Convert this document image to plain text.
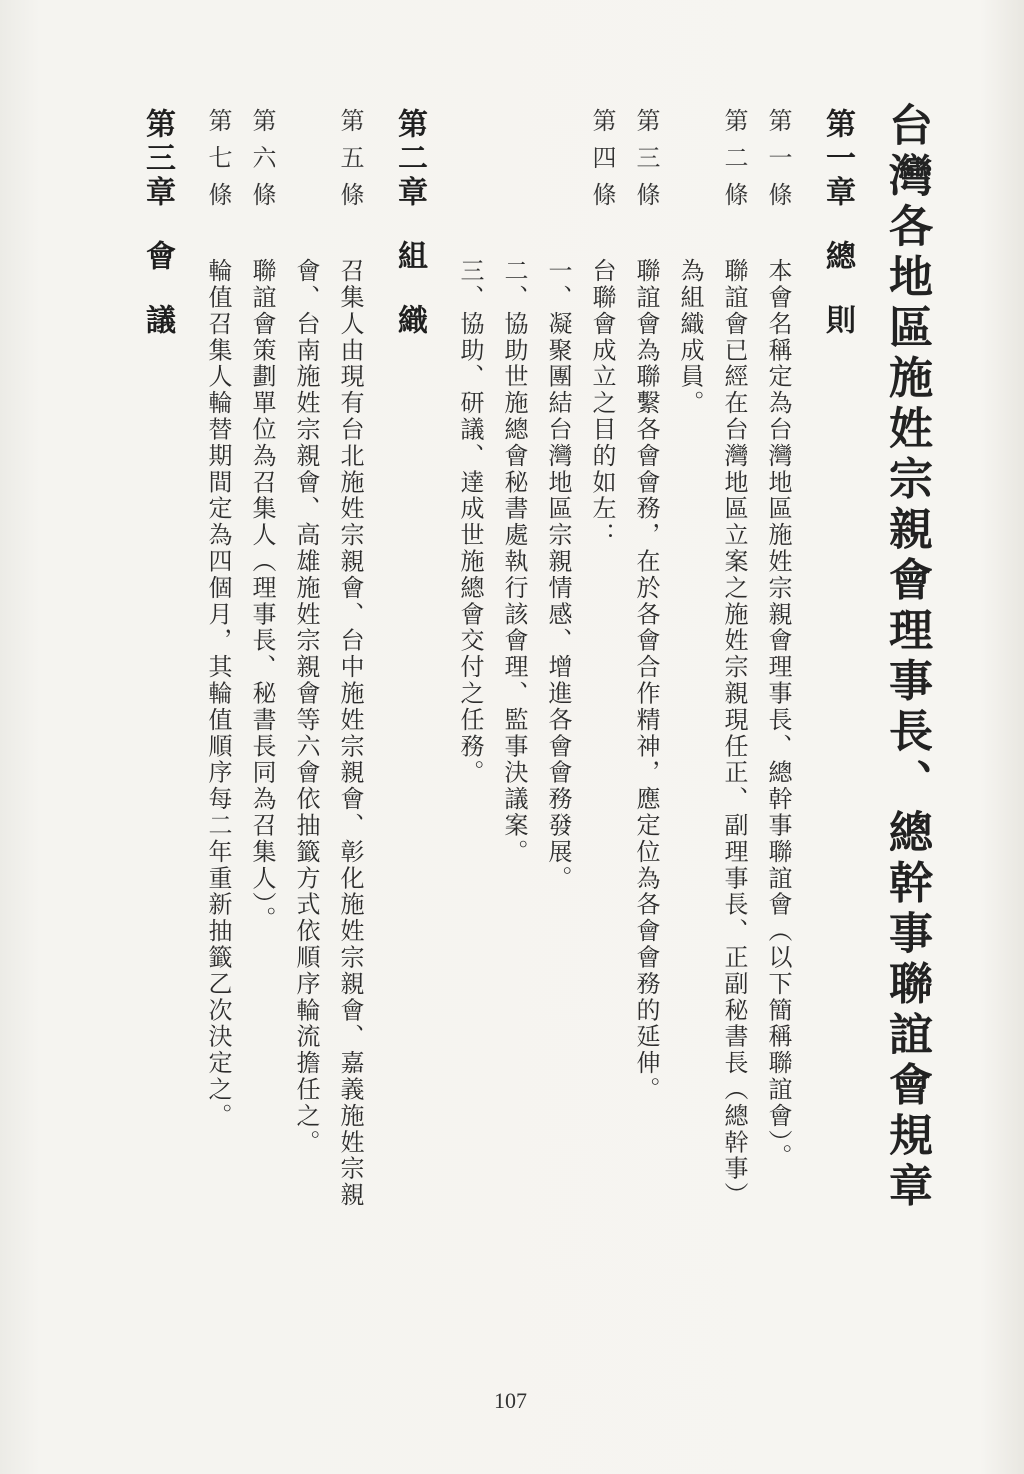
台灣各地區施姓宗親會理事長、總幹事聯誼會規章
第一章總則
第一條
本會名稱定為台灣地區施姓宗親會理事長、總幹事聯誼會（以下簡稱聯誼會）。
第二條
聯誼會已經在台灣地區立案之施姓宗親現任正、副理事長、正副秘書長（總幹事）
為組織成員。
第三條
聯誼會為聯繫各會會務，在於各會合作精神，應定位為各會會務的延伸。
第四條
台聯會成立之目的如左：
一、凝聚團結台灣地區宗親情感、增進各會會務發展。
二、協助世施總會秘書處執行該會理、監事決議案。
三、協助、研議、達成世施總會交付之任務。
第二章組織
第五條
召集人由現有台北施姓宗親會、台中施姓宗親會、彰化施姓宗親會、嘉義施姓宗親
會、台南施姓宗親會、高雄施姓宗親會等六會依抽籤方式依順序輪流擔任之。
第六條
聯誼會策劃單位為召集人（理事長、秘書長同為召集人）。
第七條
輪值召集人輪替期間定為四個月，其輪值順序每二年重新抽籤乙次決定之。
第三章會議
107
